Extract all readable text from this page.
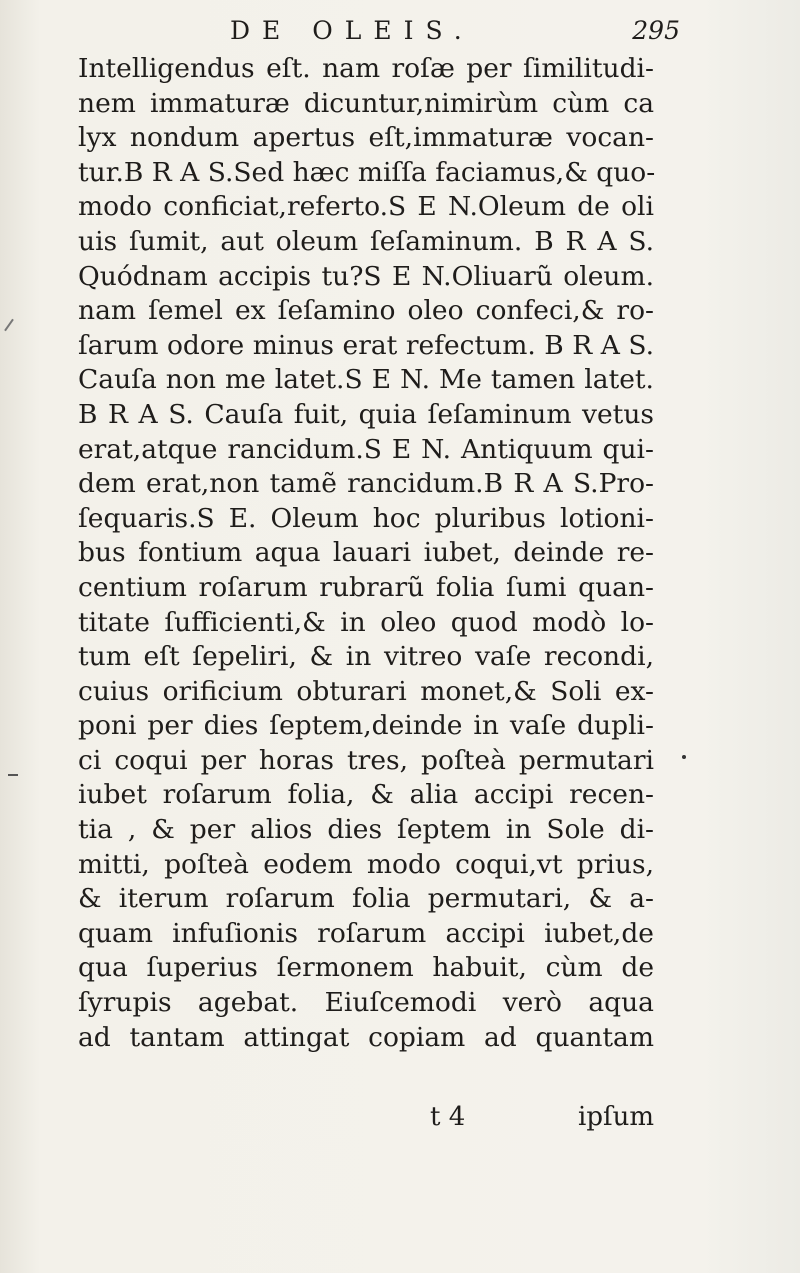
DE OLEIS.	295
Intelligendus eſt. nam roſæ per ſimilitudi-
nem immaturæ dicuntur,nimirùm cùm ca
lyx nondum apertus eſt,immaturæ vocan-
tur.B R A S.Sed hæc miſſa faciamus,& quo-
modo conficiat,referto.S E N.Oleum de oli
uis ſumit, aut oleum ſeſaminum. B R A S.
Quódnam accipis tu?S E N.Oliuarũ oleum.
nam ſemel ex ſeſamino oleo confeci,& ro-
ſarum odore minus erat refectum. B R A S.
Cauſa non me latet.S E N. Me tamen latet.
B R A S. Cauſa fuit, quia ſeſaminum vetus
erat,atque rancidum.S E N. Antiquum qui-
dem erat,non tamẽ rancidum.B R A S.Pro-
ſequaris.S E. Oleum hoc pluribus lotioni-
bus fontium aqua lauari iubet, deinde re-
centium roſarum rubrarũ folia ſumi quan-
titate ſufficienti,& in oleo quod modò lo-
tum eſt ſepeliri, & in vitreo vaſe recondi,
cuius orificium obturari monet,& Soli ex-
poni per dies ſeptem,deinde in vaſe dupli-
ci coqui per horas tres, poſteà permutari
iubet roſarum folia, & alia accipi recen-
tia , & per alios dies ſeptem in Sole di-
mitti, poſteà eodem modo coqui,vt prius,
& iterum roſarum folia permutari, & a-
quam infuſionis roſarum accipi iubet,de
qua ſuperius ſermonem habuit, cùm de
ſyrupis agebat. Eiuſcemodi verò aqua
ad tantam attingat copiam ad quantam
t 4	ipſum
